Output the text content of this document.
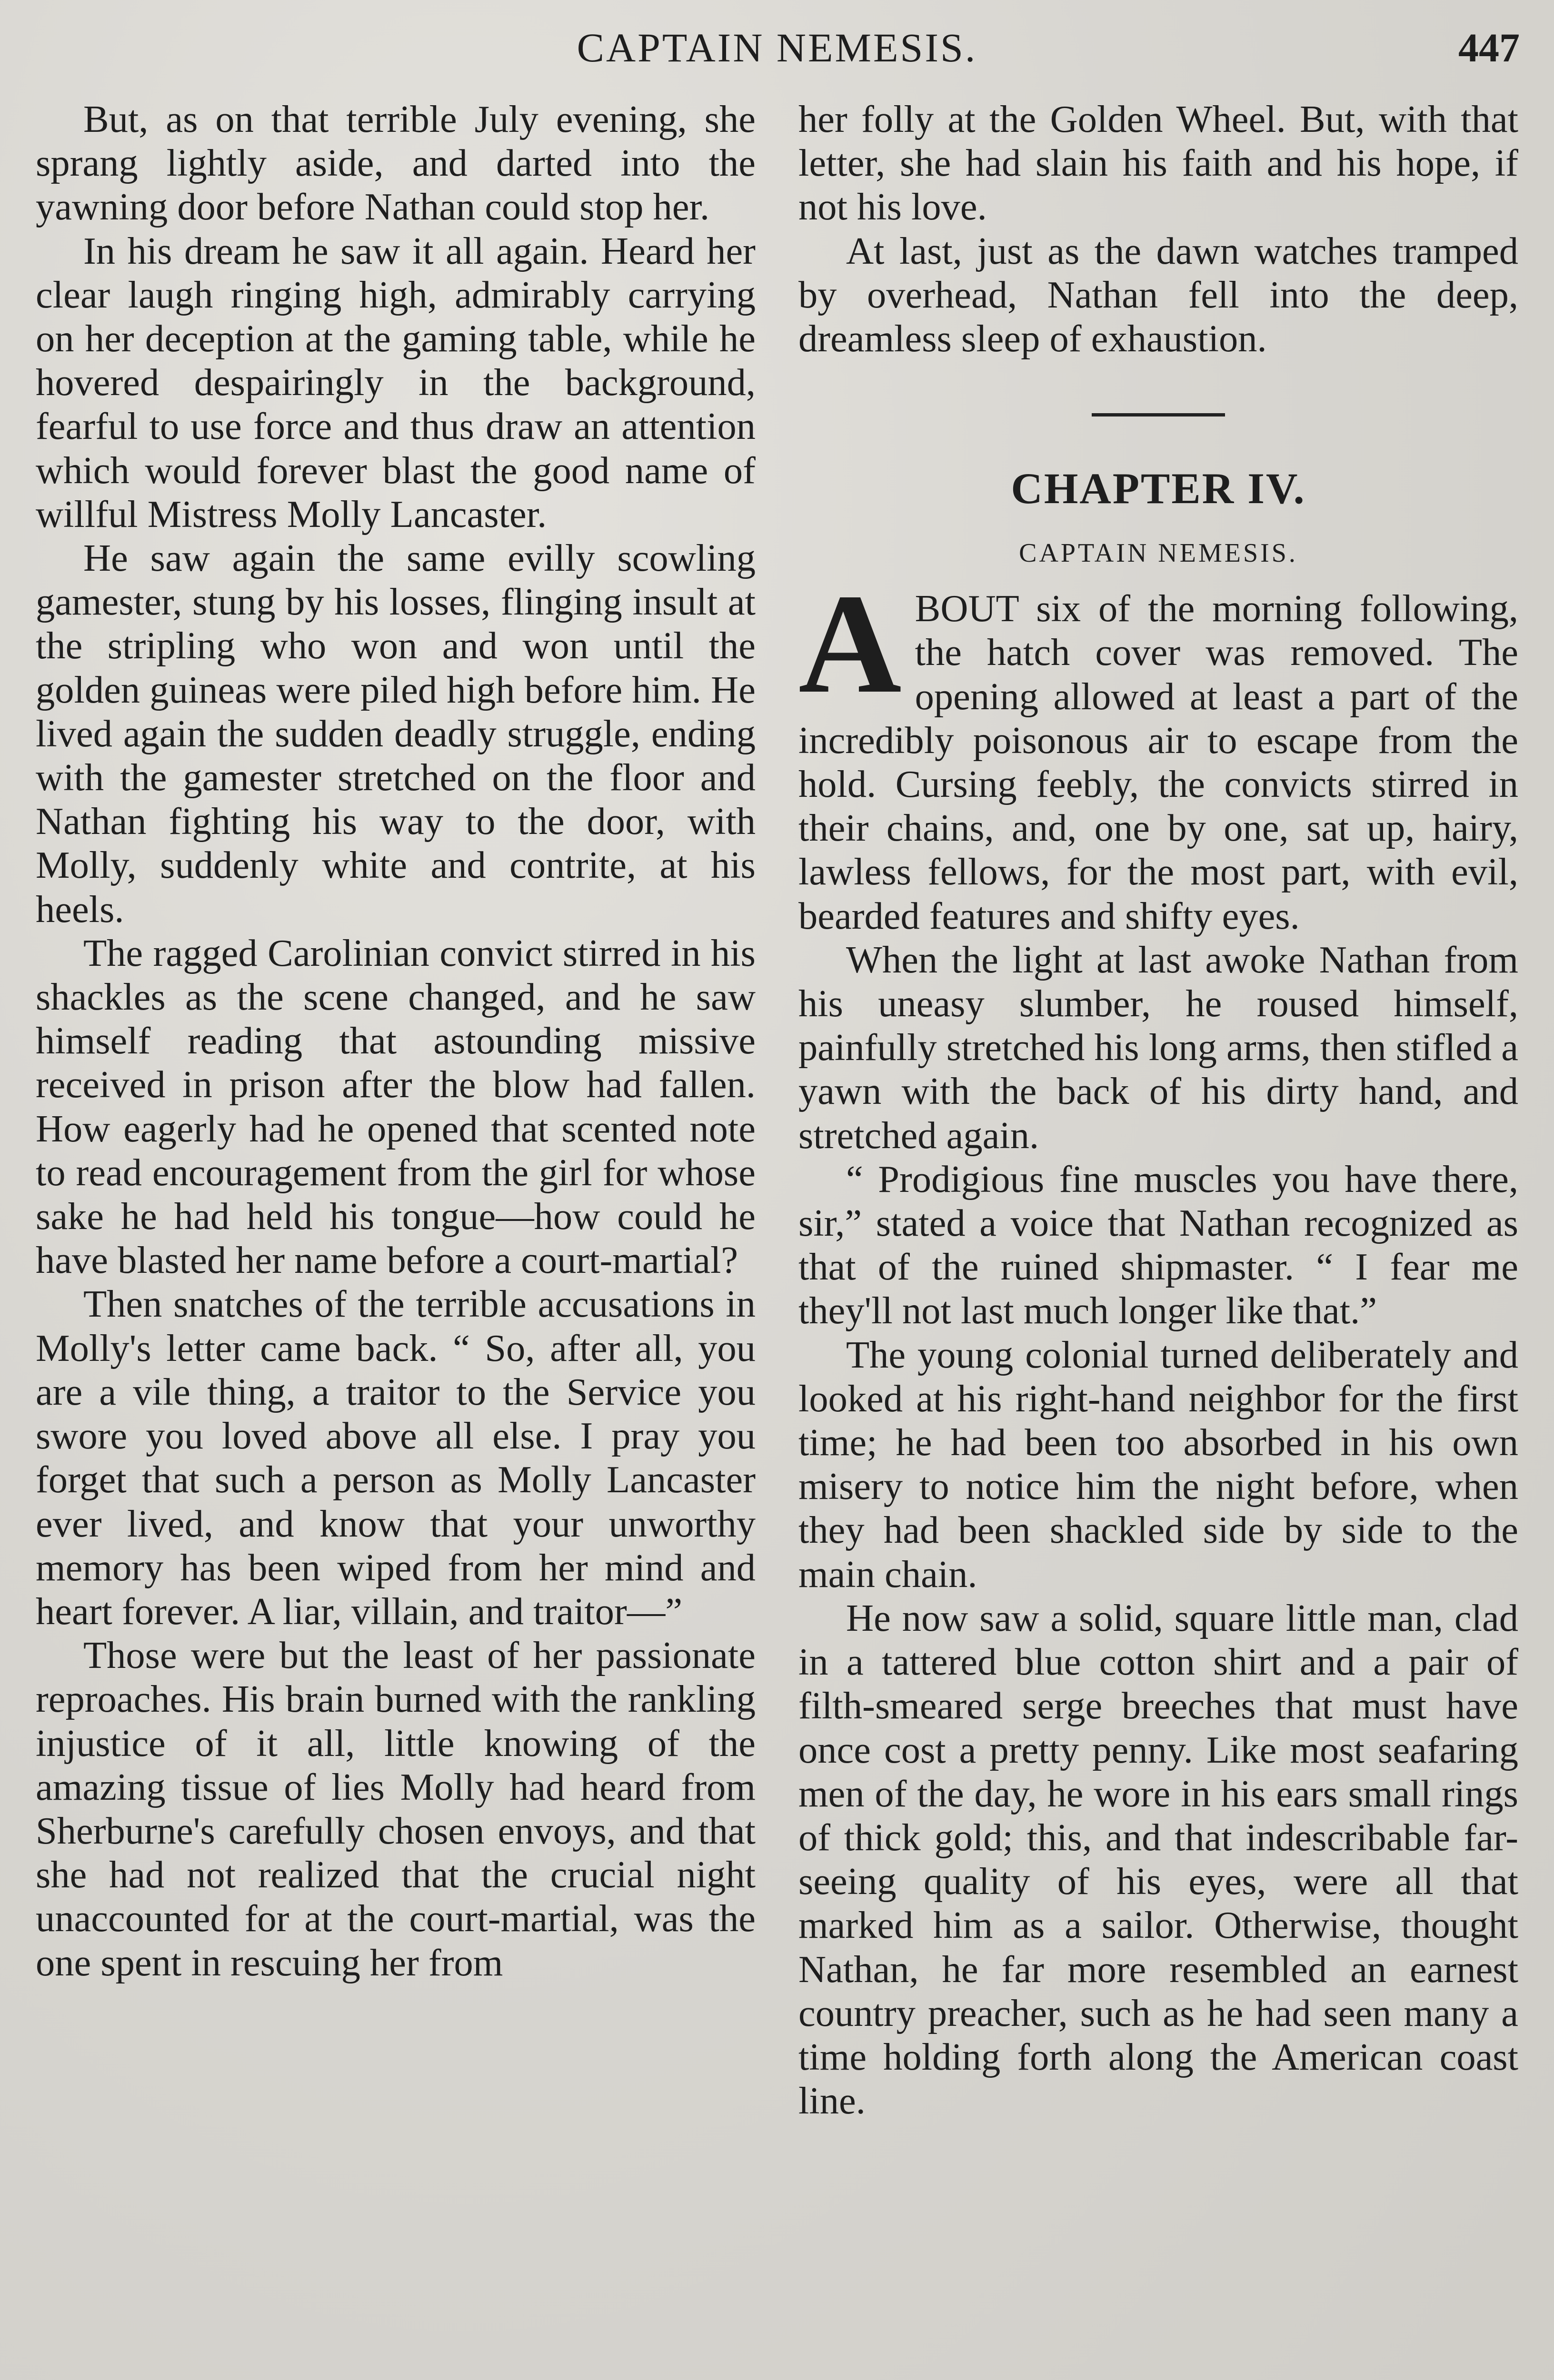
CAPTAIN NEMESIS.	447

But, as on that terrible July evening, she sprang lightly aside, and darted into the yawning door before Nathan could stop her.

In his dream he saw it all again. Heard her clear laugh ringing high, admirably carrying on her deception at the gaming table, while he hovered despairingly in the background, fearful to use force and thus draw an attention which would forever blast the good name of willful Mistress Molly Lancaster.

He saw again the same evilly scowling gamester, stung by his losses, flinging insult at the stripling who won and won until the golden guineas were piled high before him. He lived again the sudden deadly struggle, ending with the gamester stretched on the floor and Nathan fighting his way to the door, with Molly, suddenly white and contrite, at his heels.

The ragged Carolinian convict stirred in his shackles as the scene changed, and he saw himself reading that astounding missive received in prison after the blow had fallen. How eagerly had he opened that scented note to read encouragement from the girl for whose sake he had held his tongue—how could he have blasted her name before a court-martial?

Then snatches of the terrible accusations in Molly's letter came back. “ So, after all, you are a vile thing, a traitor to the Service you swore you loved above all else. I pray you forget that such a person as Molly Lancaster ever lived, and know that your unworthy memory has been wiped from her mind and heart forever. A liar, villain, and traitor—”

Those were but the least of her passionate reproaches. His brain burned with the rankling injustice of it all, little knowing of the amazing tissue of lies Molly had heard from Sherburne's carefully chosen envoys, and that she had not realized that the crucial night unaccounted for at the court-martial, was the one spent in rescuing her from

her folly at the Golden Wheel. But, with that letter, she had slain his faith and his hope, if not his love.

At last, just as the dawn watches tramped by overhead, Nathan fell into the deep, dreamless sleep of exhaustion.

CHAPTER IV.
CAPTAIN NEMESIS.

ABOUT six of the morning following, the hatch cover was removed. The opening allowed at least a part of the incredibly poisonous air to escape from the hold. Cursing feebly, the convicts stirred in their chains, and, one by one, sat up, hairy, lawless fellows, for the most part, with evil, bearded features and shifty eyes.

When the light at last awoke Nathan from his uneasy slumber, he roused himself, painfully stretched his long arms, then stifled a yawn with the back of his dirty hand, and stretched again.

“ Prodigious fine muscles you have there, sir,” stated a voice that Nathan recognized as that of the ruined shipmaster. “ I fear me they'll not last much longer like that.”

The young colonial turned deliberately and looked at his right-hand neighbor for the first time; he had been too absorbed in his own misery to notice him the night before, when they had been shackled side by side to the main chain.

He now saw a solid, square little man, clad in a tattered blue cotton shirt and a pair of filth-smeared serge breeches that must have once cost a pretty penny. Like most seafaring men of the day, he wore in his ears small rings of thick gold; this, and that indescribable far-seeing quality of his eyes, were all that marked him as a sailor. Otherwise, thought Nathan, he far more resembled an earnest country preacher, such as he had seen many a time holding forth along the American coast line.
